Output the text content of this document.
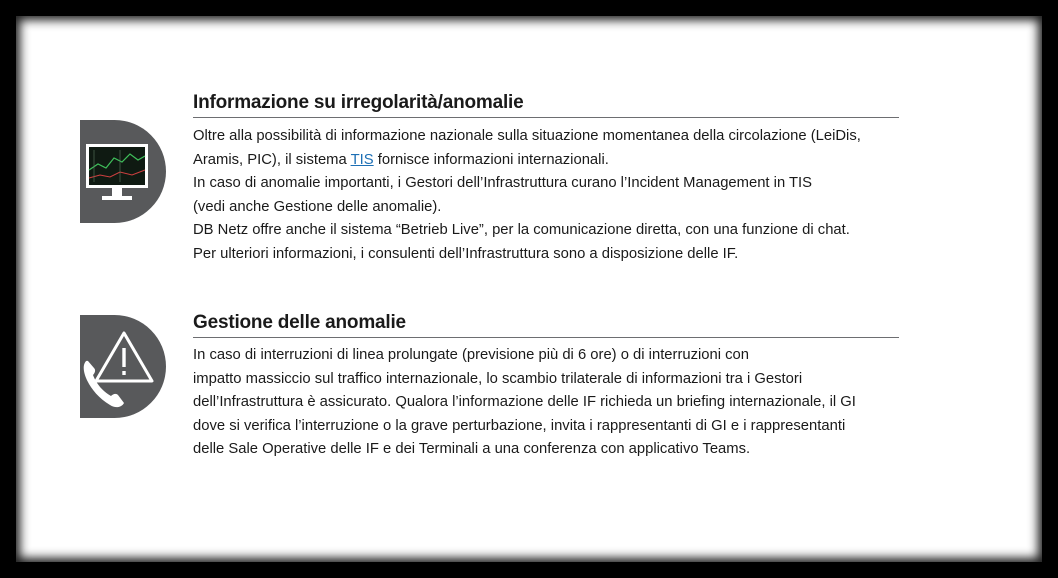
Informazione su irregolarità/anomalie
Oltre alla possibilità di informazione nazionale sulla situazione momentanea della circolazione (LeiDis,
Aramis, PIC), il sistema TIS fornisce informazioni internazionali.
In caso di anomalie importanti, i Gestori dell’Infrastruttura curano l’Incident Management in TIS
(vedi anche Gestione delle anomalie).
DB Netz offre anche il sistema “Betrieb Live”, per la comunicazione diretta, con una funzione di chat.
Per ulteriori informazioni, i consulenti dell’Infrastruttura sono a disposizione delle IF.
Gestione delle anomalie
In caso di interruzioni di linea prolungate (previsione più di 6 ore) o di interruzioni con
impatto massiccio sul traffico internazionale, lo scambio trilaterale di informazioni tra i Gestori
dell’Infrastruttura è assicurato. Qualora l’informazione delle IF richieda un briefing internazionale, il GI
dove si verifica l’interruzione o la grave perturbazione, invita i rappresentanti di GI e i rappresentanti
delle Sale Operative delle IF e dei Terminali a una conferenza con applicativo Teams.
